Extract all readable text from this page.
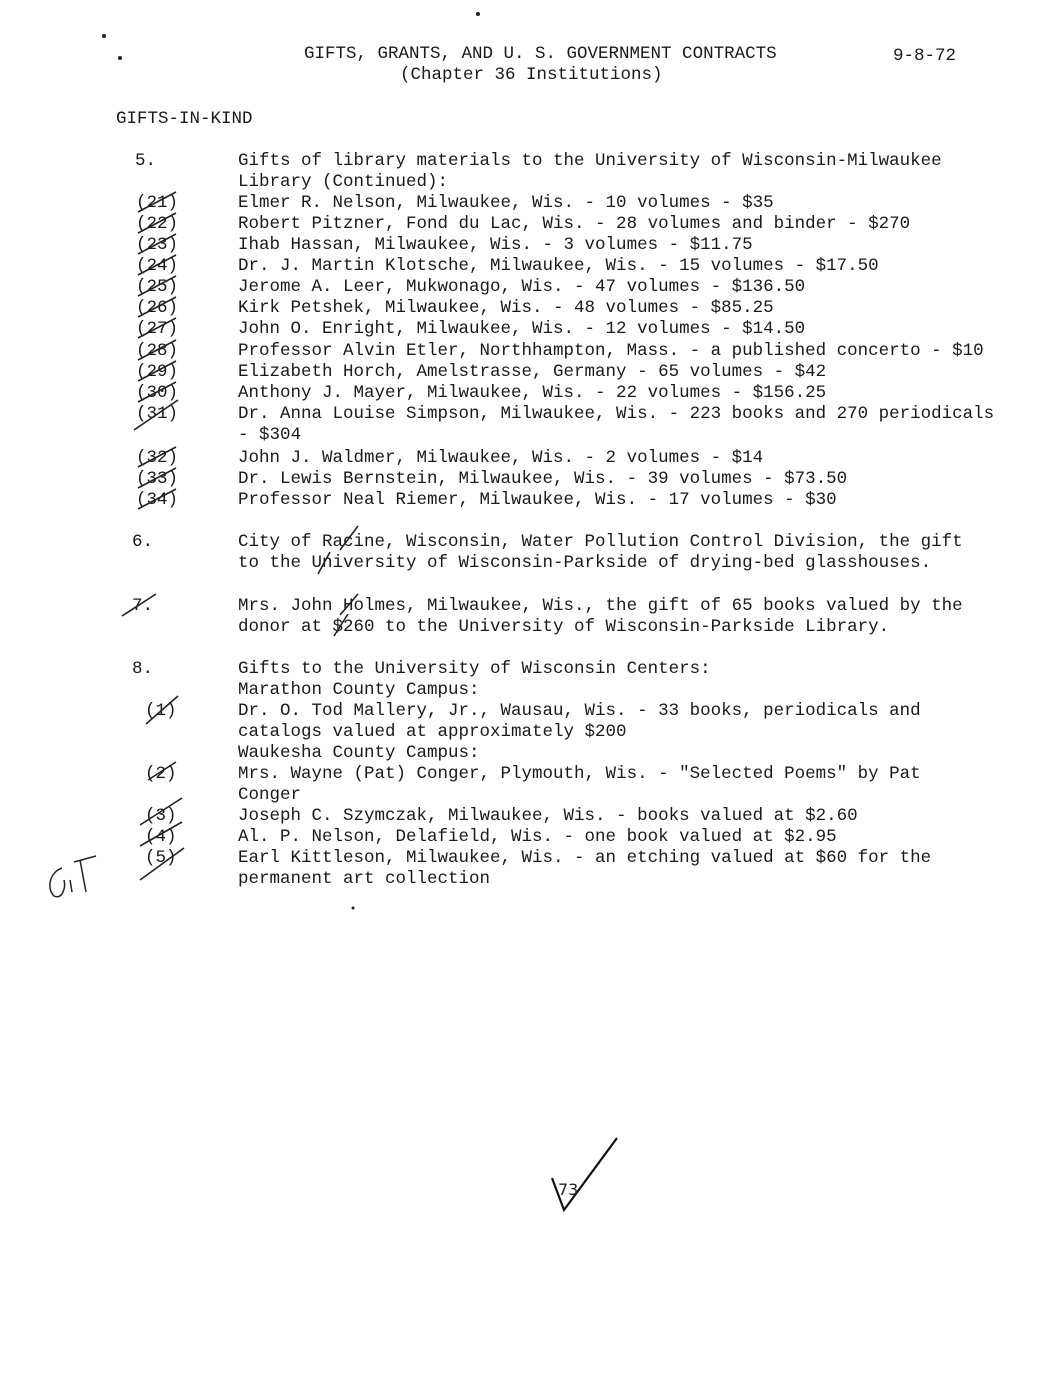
GIFTS, GRANTS, AND U. S. GOVERNMENT CONTRACTS
(Chapter 36 Institutions)
9-8-72
GIFTS-IN-KIND
5.	Gifts of library materials to the University of Wisconsin-Milwaukee
Library (Continued):
(21)	Elmer R. Nelson, Milwaukee, Wis. - 10 volumes - $35
(22)	Robert Pitzner, Fond du Lac, Wis. - 28 volumes and binder - $270
(23)	Ihab Hassan, Milwaukee, Wis. - 3 volumes - $11.75
(24)	Dr. J. Martin Klotsche, Milwaukee, Wis. - 15 volumes - $17.50
(25)	Jerome A. Leer, Mukwonago, Wis. - 47 volumes - $136.50
(26)	Kirk Petshek, Milwaukee, Wis. - 48 volumes - $85.25
(27)	John O. Enright, Milwaukee, Wis. - 12 volumes - $14.50
(28)	Professor Alvin Etler, Northhampton, Mass. - a published concerto - $10
(29)	Elizabeth Horch, Amelstrasse, Germany - 65 volumes - $42
(30)	Anthony J. Mayer, Milwaukee, Wis. - 22 volumes - $156.25
(31)	Dr. Anna Louise Simpson, Milwaukee, Wis. - 223 books and 270 periodicals
- $304
(32)	John J. Waldmer, Milwaukee, Wis. - 2 volumes - $14
(33)	Dr. Lewis Bernstein, Milwaukee, Wis. - 39 volumes - $73.50
(34)	Professor Neal Riemer, Milwaukee, Wis. - 17 volumes - $30
6.	City of Racine, Wisconsin, Water Pollution Control Division, the gift
to the University of Wisconsin-Parkside of drying-bed glasshouses.
7.	Mrs. John Holmes, Milwaukee, Wis., the gift of 65 books valued by the
donor at $260 to the University of Wisconsin-Parkside Library.
8.	Gifts to the University of Wisconsin Centers:
Marathon County Campus:
(1)	Dr. O. Tod Mallery, Jr., Wausau, Wis. - 33 books, periodicals and
catalogs valued at approximately $200
Waukesha County Campus:
(2)	Mrs. Wayne (Pat) Conger, Plymouth, Wis. - "Selected Poems" by Pat
Conger
(3)	Joseph C. Szymczak, Milwaukee, Wis. - books valued at $2.60
(4)	Al. P. Nelson, Delafield, Wis. - one book valued at $2.95
(5)	Earl Kittleson, Milwaukee, Wis. - an etching valued at $60 for the
permanent art collection
73
